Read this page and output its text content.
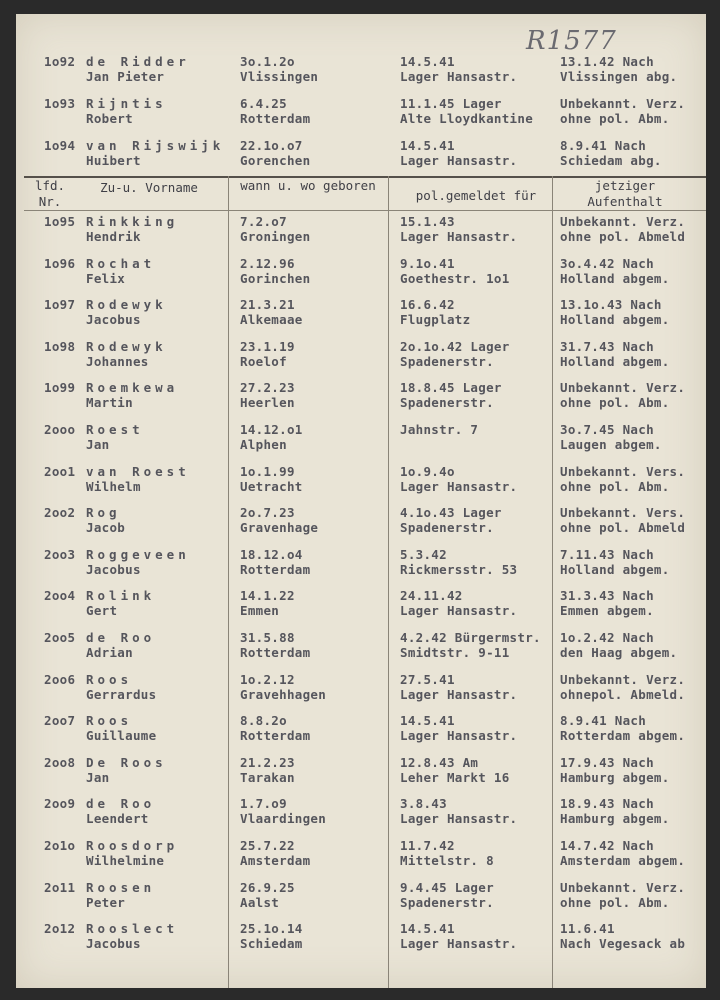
R1577
1o92 de Ridder
Jan Pieter
3o.1.2o
Vlissingen
14.5.41
Lager Hansastr.
13.1.42 Nach
Vlissingen abg.
1o93 Rijntis
Robert
6.4.25
Rotterdam
11.1.45 Lager
Alte Lloydkantine
Unbekannt. Verz.
ohne pol. Abm.
1o94 van Rijswijk
Huibert
22.1o.o7
Gorenchen
14.5.41
Lager Hansastr.
8.9.41 Nach
Schiedam abg.
lfd. Nr.
Zu-u. Vorname	wann u. wo geboren
pol.gemeldet für
jetziger Aufenthalt
1o95 Rinkking
Hendrik
7.2.o7
Groningen
15.1.43
Lager Hansastr.
Unbekannt. Verz.
ohne pol. Abmeld
1o96 Rochat
Felix
2.12.96
Gorinchen
9.1o.41
Goethestr. 1o1
3o.4.42 Nach
Holland abgem.
1o97 Rodewyk
Jacobus
21.3.21
Alkemaae
16.6.42
Flugplatz
13.1o.43 Nach
Holland abgem.
1o98 Rodewyk
Johannes
23.1.19
Roelof
2o.1o.42 Lager
Spadenerstr.
31.7.43 Nach
Holland abgem.
1o99 Roemkewa
Martin
27.2.23
Heerlen
18.8.45 Lager
Spadenerstr.
Unbekannt. Verz.
ohne pol. Abm.
2ooo Roest
Jan
14.12.o1
Alphen
Jahnstr. 7	3o.7.45 Nach
Laugen abgem.
2oo1 van Roest
Wilhelm
1o.1.99
Uetracht
1o.9.4o
Lager Hansastr.
Unbekannt. Vers.
ohne pol. Abm.
2oo2 Rog
Jacob
2o.7.23
Gravenhage
4.1o.43 Lager
Spadenerstr.
Unbekannt. Vers.
ohne pol. Abmeld
2oo3 Roggeveen
Jacobus
18.12.o4
Rotterdam
5.3.42
Rickmersstr. 53
7.11.43 Nach
Holland abgem.
2oo4 Rolink
Gert
14.1.22
Emmen
24.11.42
Lager Hansastr.
31.3.43 Nach
Emmen abgem.
2oo5 de Roo
Adrian
31.5.88
Rotterdam
4.2.42 Bürgermstr.
Smidtstr. 9-11
1o.2.42 Nach
den Haag abgem.
2oo6 Roos
Gerrardus
1o.2.12
Gravehhagen
27.5.41
Lager Hansastr.
Unbekannt. Verz.
ohnepol. Abmeld.
2oo7 Roos
Guillaume
8.8.2o
Rotterdam
14.5.41
Lager Hansastr.
8.9.41 Nach
Rotterdam abgem.
2oo8 De Roos
Jan
21.2.23
Tarakan
12.8.43 Am
Leher Markt 16
17.9.43 Nach
Hamburg abgem.
2oo9 de Roo
Leendert
1.7.o9
Vlaardingen
3.8.43
Lager Hansastr.
18.9.43 Nach
Hamburg abgem.
2o1o Roosdorp
Wilhelmine
25.7.22
Amsterdam
11.7.42
Mittelstr. 8
14.7.42 Nach
Amsterdam abgem.
2o11 Roosen
Peter
26.9.25
Aalst
9.4.45 Lager
Spadenerstr.
Unbekannt. Verz.
ohne pol. Abm.
2o12 Rooslect
Jacobus
25.1o.14
Schiedam
14.5.41
Lager Hansastr.
11.6.41
Nach Vegesack ab
